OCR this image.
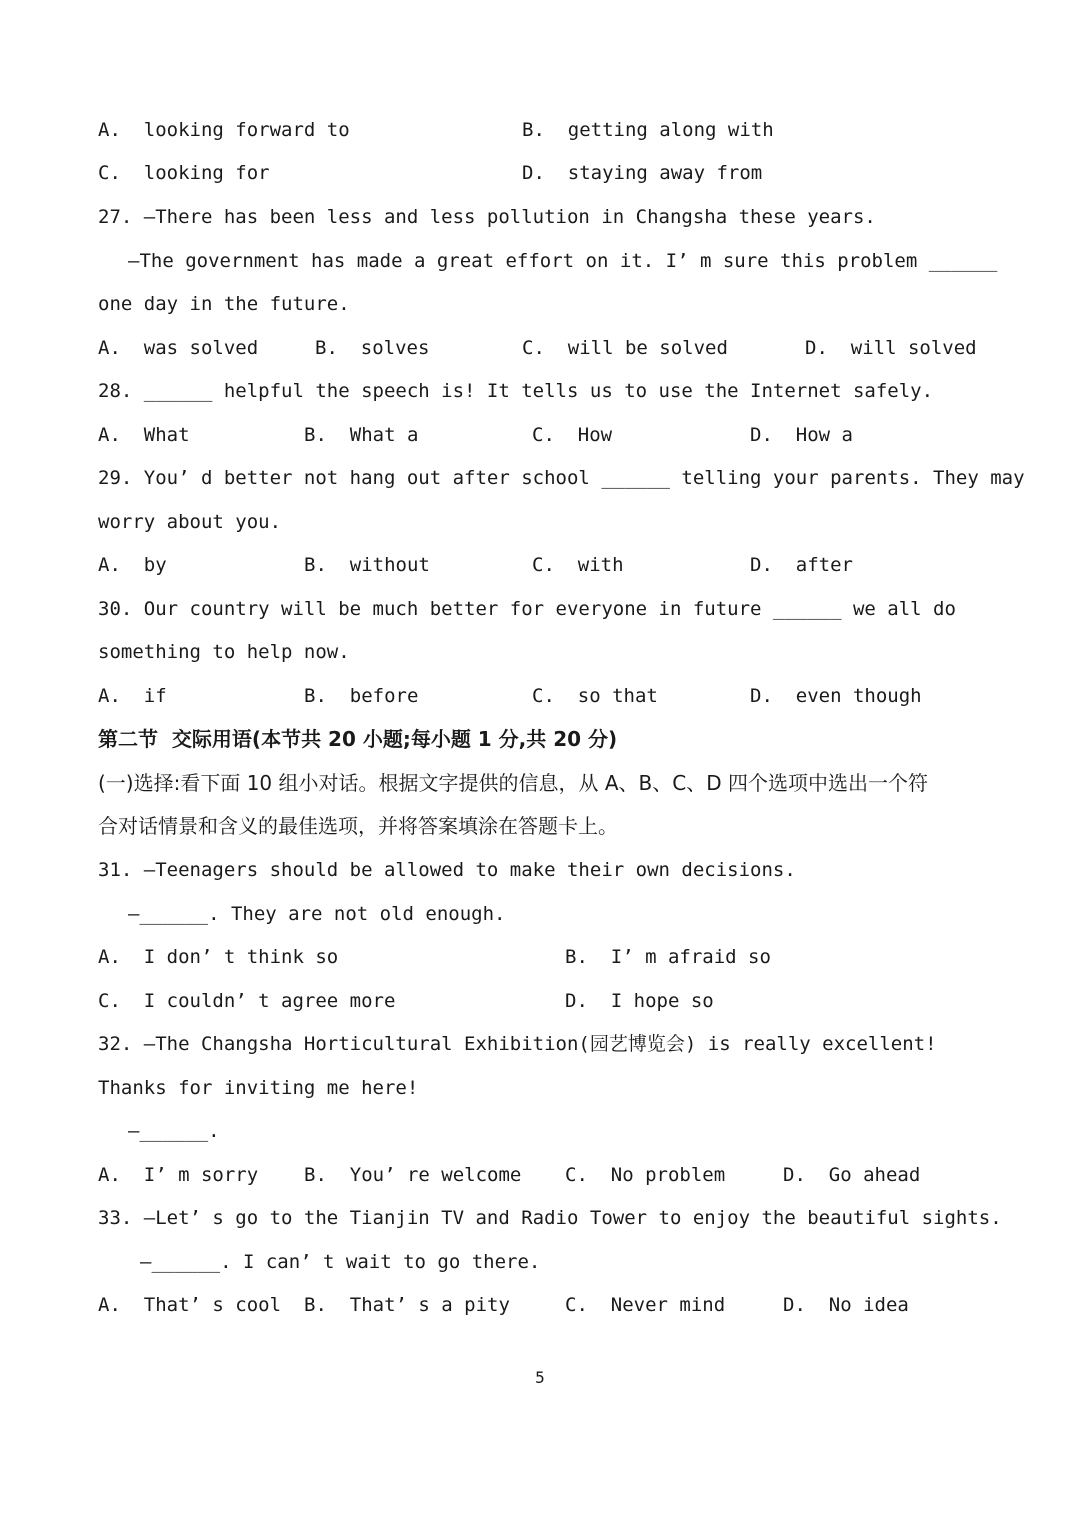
A.  looking forward to	B.  getting along with
C.  looking for	D.  staying away from
27. —There has been less and less pollution in Changsha these years.
—The government has made a great effort on it. I’ m sure this problem ______
one day in the future.
A.  was solved	B.  solves	C.  will be solved	D.  will solved
28. ______ helpful the speech is! It tells us to use the Internet safely.
A.  What	B.  What a	C.  How	D.  How a
29. You’ d better not hang out after school ______ telling your parents. They may
worry about you.
A.  by	B.  without	C.  with	D.  after
30. Our country will be much better for everyone in future ______ we all do
something to help now.
A.  if	B.  before	C.  so that	D.  even though
第二节  交际用语(本节共 20 小题;每小题 1 分,共 20 分)
(一)选择:看下面 10 组小对话。根据文字提供的信息，从 A、B、C、D 四个选项中选出一个符
合对话情景和含义的最佳选项，并将答案填涂在答题卡上。
31. —Teenagers should be allowed to make their own decisions.
—______. They are not old enough.
A.  I don’ t think so	B.  I’ m afraid so
C.  I couldn’ t agree more	D.  I hope so
32. —The Changsha Horticultural Exhibition(园艺博览会) is really excellent!
Thanks for inviting me here!
—______.
A.  I’ m sorry B.  You’ re welcome C.  No problem	D.  Go ahead
33. —Let’ s go to the Tianjin TV and Radio Tower to enjoy the beautiful sights.
—______. I can’ t wait to go there.
A.  That’ s cool B.  That’ s a pity	C.  Never mind	D.  No idea
5
